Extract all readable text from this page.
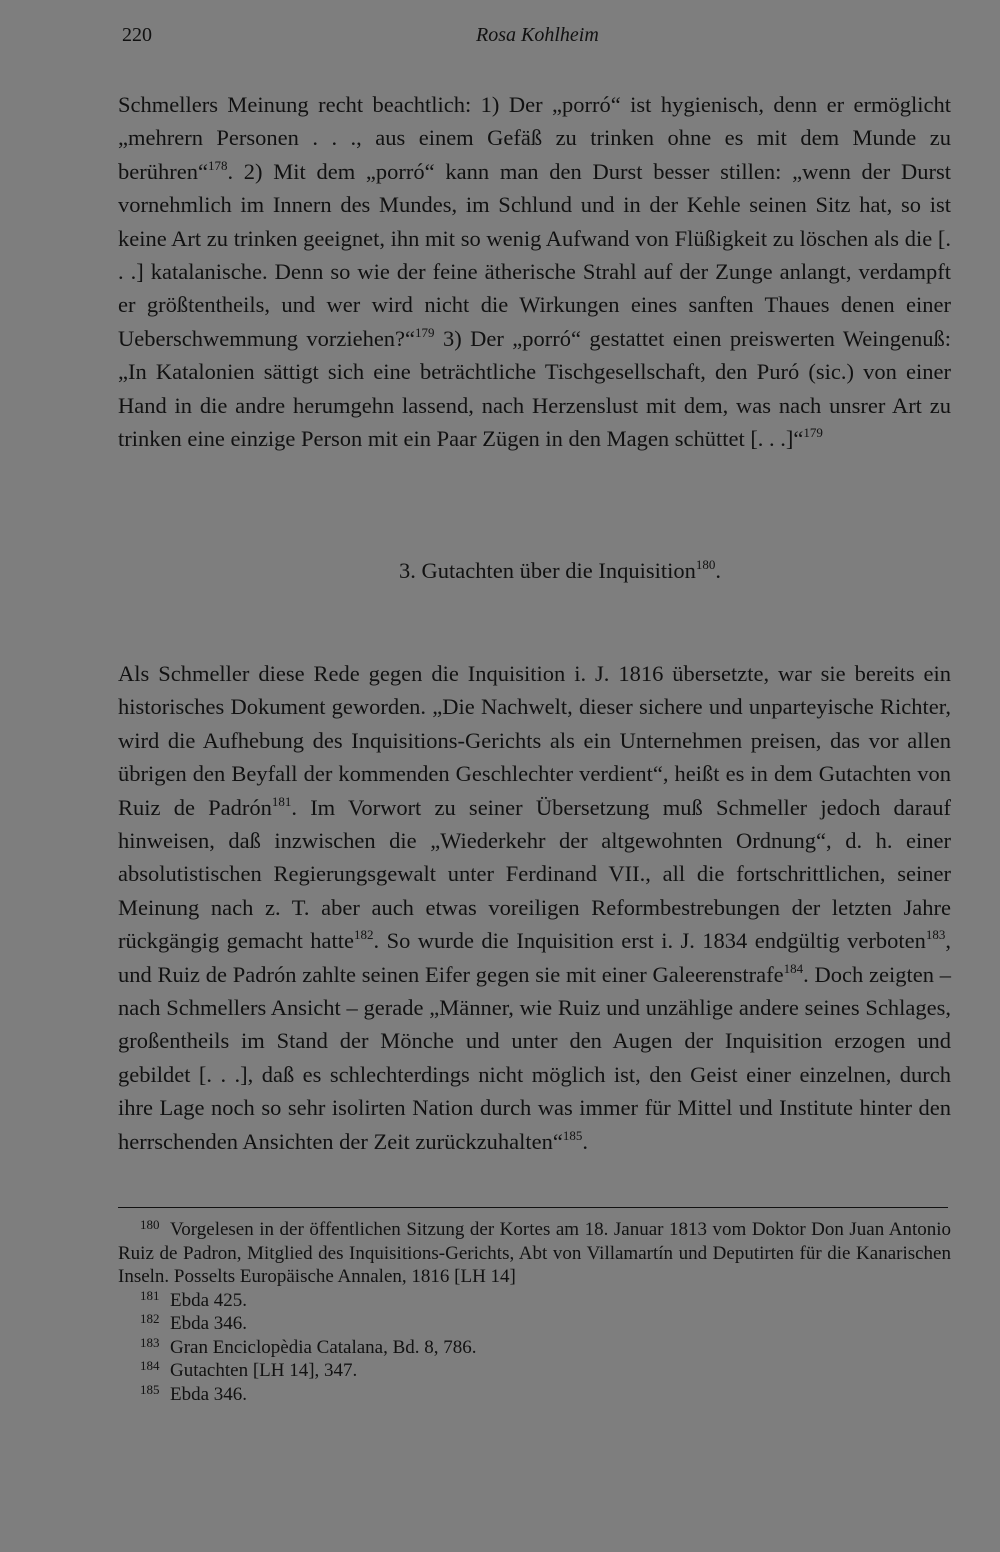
220	Rosa Kohlheim

Schmellers Meinung recht beachtlich: 1) Der „porró“ ist hygienisch, denn er ermöglicht „mehrern Personen . . ., aus einem Gefäß zu trinken ohne es mit dem Munde zu berühren“$^{178}$. 2) Mit dem „porró“ kann man den Durst besser stillen: „wenn der Durst vornehmlich im Innern des Mundes, im Schlund und in der Kehle seinen Sitz hat, so ist keine Art zu trinken geeignet, ihn mit so wenig Aufwand von Flüßigkeit zu löschen als die [. . .] katalanische. Denn so wie der feine ätherische Strahl auf der Zunge anlangt, verdampft er größtentheils, und wer wird nicht die Wirkungen eines sanften Thaues denen einer Ueberschwemmung vorziehen?“$^{179}$ 3) Der „porró“ gestattet einen preiswerten Weingenuß: „In Katalonien sättigt sich eine beträchtliche Tischgesellschaft, den Puró (sic.) von einer Hand in die andre herumgehn lassend, nach Herzenslust mit dem, was nach unsrer Art zu trinken eine einzige Person mit ein Paar Zügen in den Magen schüttet [. . .]“$^{179}$

3. Gutachten über die Inquisition$^{180}$.

Als Schmeller diese Rede gegen die Inquisition i. J. 1816 übersetzte, war sie bereits ein historisches Dokument geworden. „Die Nachwelt, dieser sichere und unparteyische Richter, wird die Aufhebung des Inquisitions-Gerichts als ein Unternehmen preisen, das vor allen übrigen den Beyfall der kommenden Geschlechter verdient“, heißt es in dem Gutachten von Ruiz de Padrón$^{181}$. Im Vorwort zu seiner Übersetzung muß Schmeller jedoch darauf hinweisen, daß inzwischen die „Wiederkehr der altgewohnten Ordnung“, d. h. einer absolutistischen Regierungsgewalt unter Ferdinand VII., all die fortschrittlichen, seiner Meinung nach z. T. aber auch etwas voreiligen Reformbestrebungen der letzten Jahre rückgängig gemacht hatte$^{182}$. So wurde die Inquisition erst i. J. 1834 endgültig verboten$^{183}$, und Ruiz de Padrón zahlte seinen Eifer gegen sie mit einer Galeerenstrafe$^{184}$. Doch zeigten – nach Schmellers Ansicht – gerade „Männer, wie Ruiz und unzählige andere seines Schlages, großentheils im Stand der Mönche und unter den Augen der Inquisition erzogen und gebildet [. . .], daß es schlechterdings nicht möglich ist, den Geist einer einzelnen, durch ihre Lage noch so sehr isolirten Nation durch was immer für Mittel und Institute hinter den herrschenden Ansichten der Zeit zurückzuhalten“$^{185}$.

180 Vorgelesen in der öffentlichen Sitzung der Kortes am 18. Januar 1813 vom Doktor Don Juan Antonio Ruiz de Padron, Mitglied des Inquisitions-Gerichts, Abt von Villamartín und Deputirten für die Kanarischen Inseln. Posselts Europäische Annalen, 1816 [LH 14]

181 Ebda 425.

182 Ebda 346.

183 Gran Enciclopèdia Catalana, Bd. 8, 786.

184 Gutachten [LH 14], 347.

185 Ebda 346.
